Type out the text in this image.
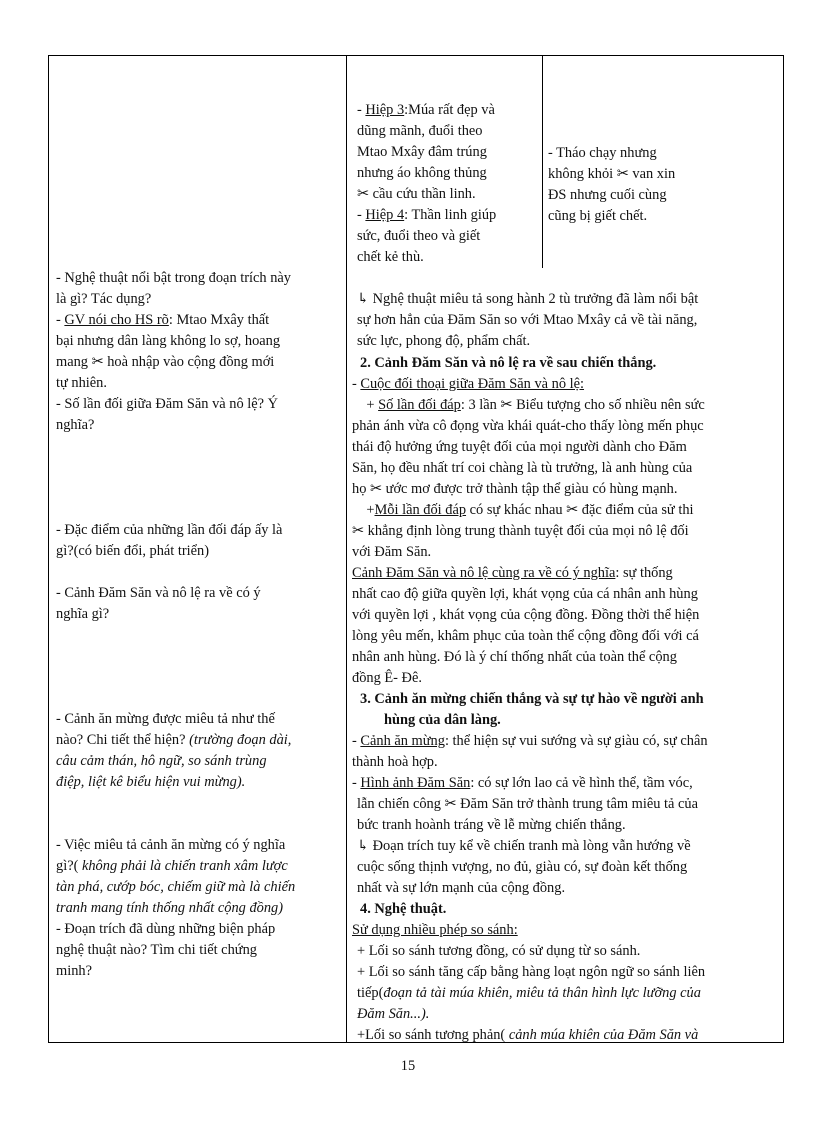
- Hiệp 3:Múa rất đẹp và
dũng mãnh, đuổi theo
Mtao Mxây đâm trúng
nhưng áo không thủng
✂ cầu cứu thần linh.
- Hiệp 4: Thần linh giúp
sức, đuổi theo và giết
chết kẻ thù.
- Tháo chạy nhưng
không khỏi ✂ van xin
ĐS nhưng cuối cùng
cũng bị giết chết.
- Nghệ thuật nổi bật trong đoạn trích này
là gì? Tác dụng?
- GV nói cho HS rõ: Mtao Mxây thất
bại nhưng dân làng không lo sợ, hoang
mang ✂ hoà nhập vào cộng đồng mới
tự nhiên.
- Số lần đối giữa Đăm Săn và nô lệ? Ý
nghĩa?
- Đặc điểm của những lần đối đáp ấy là
gì?(có biến đổi, phát triển)
- Cảnh Đăm Săn và nô lệ ra về có ý
nghĩa gì?
- Cảnh ăn mừng được miêu tả như thế
nào? Chi tiết thể hiện? (trường đoạn dài,
câu cảm thán, hô ngữ, so sánh trùng
điệp, liệt kê biểu hiện vui mừng).
- Việc miêu tả cảnh ăn mừng có ý nghĩa
gì?( không phải là chiến tranh xâm lược
tàn phá, cướp bóc, chiếm giữ mà là chiến
tranh mang tính thống nhất cộng đồng)
- Đoạn trích đã dùng những biện pháp
nghệ thuật nào? Tìm chi tiết chứng
minh?
↳ Nghệ thuật miêu tả song hành 2 tù trưởng đã làm nổi bật
sự hơn hẳn của Đăm Săn so với Mtao Mxây cả về tài năng,
sức lực, phong độ, phẩm chất.
2. Cảnh Đăm Săn và nô lệ ra về sau chiến thắng.
- Cuộc đối thoại giữa Đăm Săn và nô lệ:
+ Số lần đối đáp: 3 lần ✂ Biểu tượng cho số nhiều nên sức
phản ánh vừa cô đọng vừa khái quát-cho thấy lòng mến phục
thái độ hưởng ứng tuyệt đối của mọi người dành cho Đăm
Săn, họ đều nhất trí coi chàng là tù trưởng, là anh hùng của
họ ✂ ước mơ được trở thành tập thể giàu có hùng mạnh.
+Mỗi lần đối đáp có sự khác nhau ✂ đặc điểm của sử thi
✂ khẳng định lòng trung thành tuyệt đối của mọi nô lệ đối
với Đăm Săn.
Cảnh Đăm Săn và nô lệ cùng ra về có ý nghĩa: sự thống
nhất cao độ giữa quyền lợi, khát vọng của cá nhân anh hùng
với quyền lợi , khát vọng của cộng đồng. Đồng thời thể hiện
lòng yêu mến, khâm phục của toàn thể cộng đồng đối với cá
nhân anh hùng. Đó là ý chí thống nhất của toàn thể cộng
đồng Ê- Đê.
3. Cảnh ăn mừng chiến thắng và sự tự hào về người anh
hùng của dân làng.
- Cảnh ăn mừng: thể hiện sự vui sướng và sự giàu có, sự chân
thành hoà hợp.
- Hình ảnh Đăm Săn: có sự lớn lao cả về hình thể, tầm vóc,
lẫn chiến công ✂ Đăm Săn trở thành trung tâm miêu tả của
bức tranh hoành tráng về lễ mừng chiến thắng.
↳ Đoạn trích tuy kể về chiến tranh mà lòng vẫn hướng về
cuộc sống thịnh vượng, no đủ, giàu có, sự đoàn kết thống
nhất và sự lớn mạnh của cộng đồng.
4. Nghệ thuật.
Sử dụng nhiều phép so sánh:
+ Lối so sánh tương đồng, có sử dụng từ so sánh.
+ Lối so sánh tăng cấp bằng hàng loạt ngôn ngữ so sánh liên
tiếp(đoạn tả tài múa khiên, miêu tả thân hình lực lưỡng của
Đăm Săn...).
+Lối so sánh tương phản( cảnh múa khiên của Đăm Săn và
15
